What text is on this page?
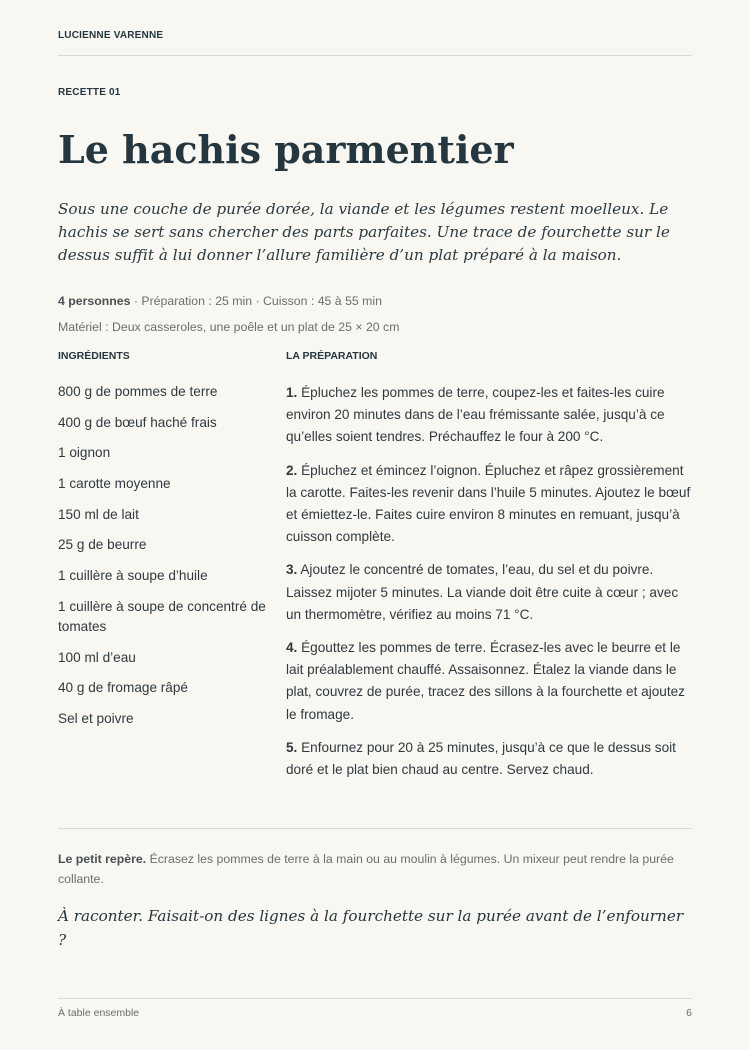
LUCIENNE VARENNE
RECETTE 01
Le hachis parmentier

Sous une couche de purée dorée, la viande et les légumes restent moelleux. Le hachis se sert sans chercher des parts parfaites. Une trace de fourchette sur le dessus suffit à lui donner l’allure familière d’un plat préparé à la maison.

4 personnes · Préparation : 25 min · Cuisson : 45 à 55 min
Matériel : Deux casseroles, une poêle et un plat de 25 × 20 cm
INGRÉDIENTS	LA PRÉPARATION
800 g de pommes de terre
400 g de bœuf haché frais
1 oignon
1 carotte moyenne
150 ml de lait
25 g de beurre
1 cuillère à soupe d’huile
1 cuillère à soupe de concentré de tomates
100 ml d’eau
40 g de fromage râpé
Sel et poivre
1. Épluchez les pommes de terre, coupez-les et faites-les cuire environ 20 minutes dans de l’eau frémissante salée, jusqu’à ce qu’elles soient tendres. Préchauffez le four à 200 °C.
2. Épluchez et émincez l’oignon. Épluchez et râpez grossièrement la carotte. Faites-les revenir dans l’huile 5 minutes. Ajoutez le bœuf et émiettez-le. Faites cuire environ 8 minutes en remuant, jusqu’à cuisson complète.
3. Ajoutez le concentré de tomates, l’eau, du sel et du poivre. Laissez mijoter 5 minutes. La viande doit être cuite à cœur ; avec un thermomètre, vérifiez au moins 71 °C.
4. Égouttez les pommes de terre. Écrasez-les avec le beurre et le lait préalablement chauffé. Assaisonnez. Étalez la viande dans le plat, couvrez de purée, tracez des sillons à la fourchette et ajoutez le fromage.
5. Enfournez pour 20 à 25 minutes, jusqu’à ce que le dessus soit doré et le plat bien chaud au centre. Servez chaud.

Le petit repère. Écrasez les pommes de terre à la main ou au moulin à légumes. Un mixeur peut rendre la purée collante.

À raconter. Faisait-on des lignes à la fourchette sur la purée avant de l’enfourner ?

À table ensemble	6
